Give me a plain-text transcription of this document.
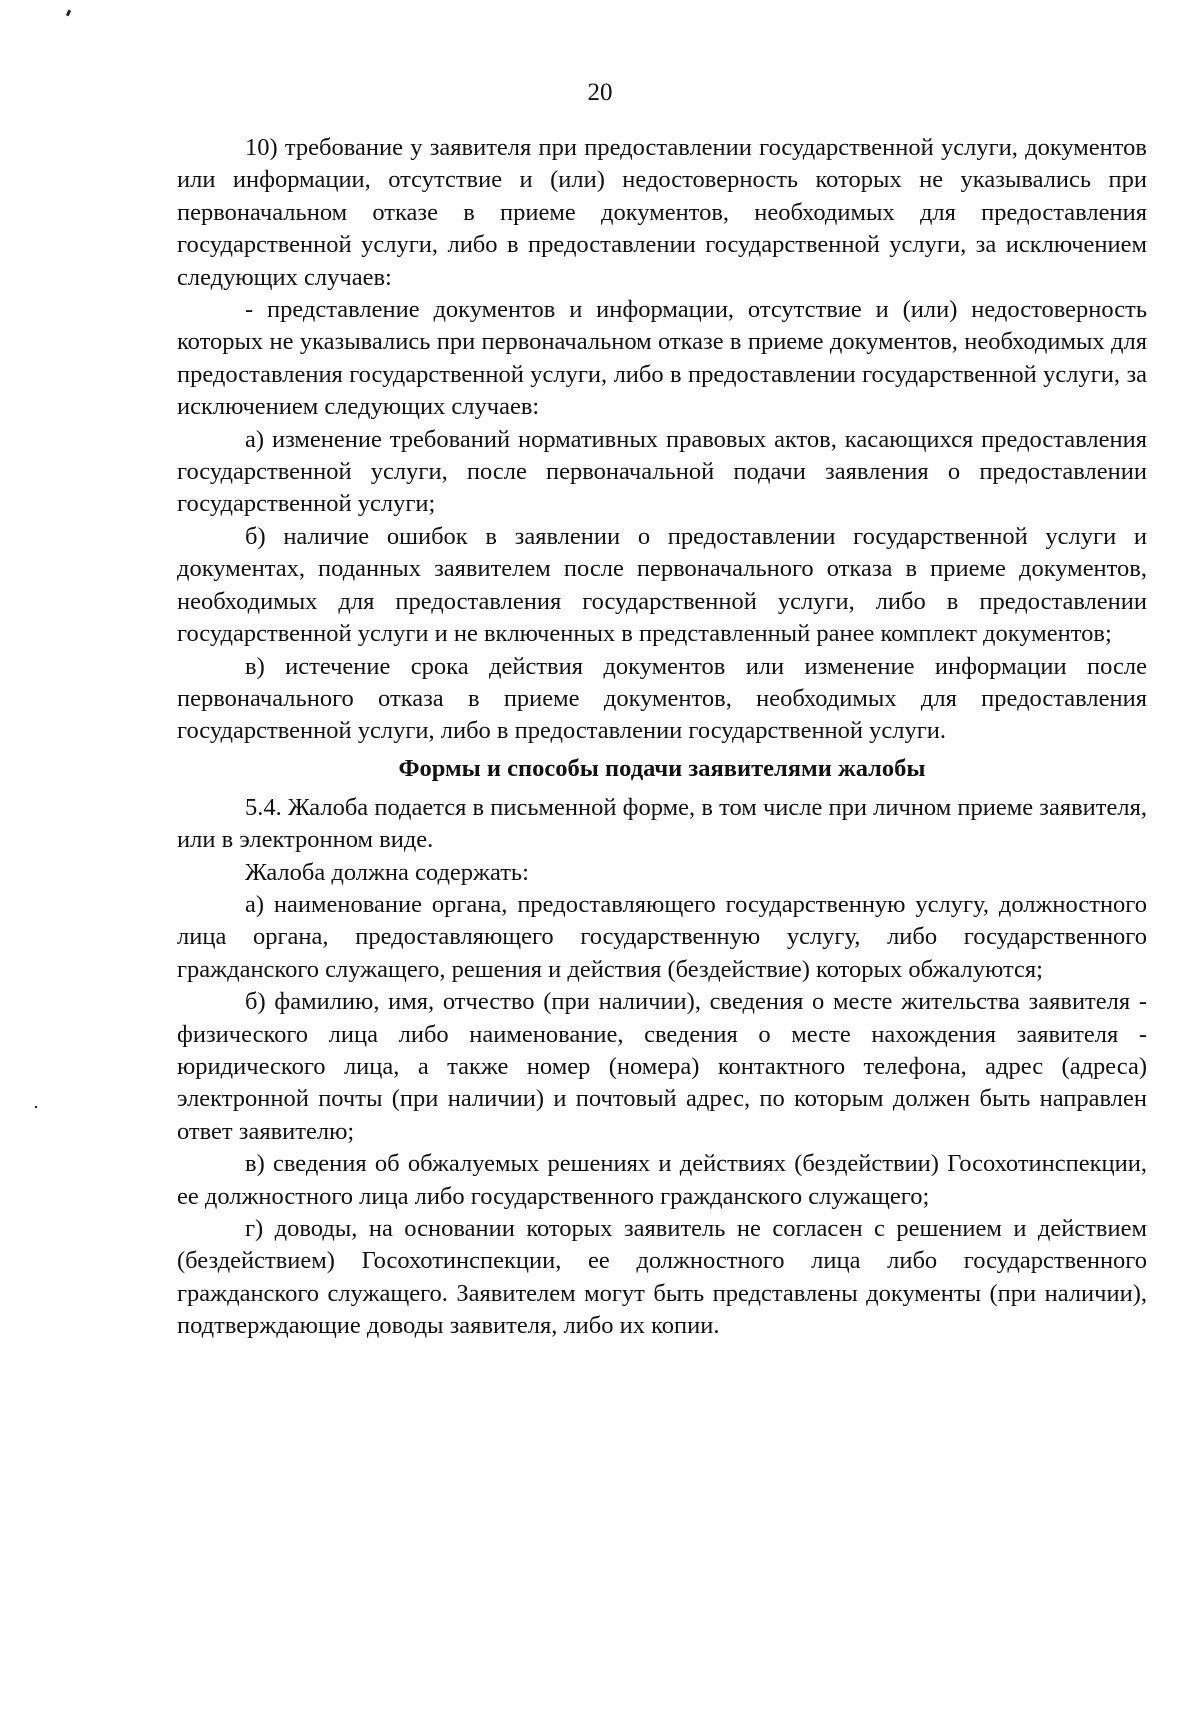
20

10) требование у заявителя при предоставлении государственной услуги, документов или информации, отсутствие и (или) недостоверность которых не указывались при первоначальном отказе в приеме документов, необходимых для предоставления государственной услуги, либо в предоставлении государственной услуги, за исключением следующих случаев:

- представление документов и информации, отсутствие и (или) недостоверность которых не указывались при первоначальном отказе в приеме документов, необходимых для предоставления государственной услуги, либо в предоставлении государственной услуги, за исключением следующих случаев:

а) изменение требований нормативных правовых актов, касающихся предоставления государственной услуги, после первоначальной подачи заявления о предоставлении государственной услуги;

б) наличие ошибок в заявлении о предоставлении государственной услуги и документах, поданных заявителем после первоначального отказа в приеме документов, необходимых для предоставления государственной услуги, либо в предоставлении государственной услуги и не включенных в представленный ранее комплект документов;

в) истечение срока действия документов или изменение информации после первоначального отказа в приеме документов, необходимых для предоставления государственной услуги, либо в предоставлении государственной услуги.

Формы и способы подачи заявителями жалобы

5.4. Жалоба подается в письменной форме, в том числе при личном приеме заявителя, или в электронном виде.

Жалоба должна содержать:

а) наименование органа, предоставляющего государственную услугу, должностного лица органа, предоставляющего государственную услугу, либо государственного гражданского служащего, решения и действия (бездействие) которых обжалуются;

б) фамилию, имя, отчество (при наличии), сведения о месте жительства заявителя - физического лица либо наименование, сведения о месте нахождения заявителя - юридического лица, а также номер (номера) контактного телефона, адрес (адреса) электронной почты (при наличии) и почтовый адрес, по которым должен быть направлен ответ заявителю;

в) сведения об обжалуемых решениях и действиях (бездействии) Госохотинспекции, ее должностного лица либо государственного гражданского служащего;

г) доводы, на основании которых заявитель не согласен с решением и действием (бездействием) Госохотинспекции, ее должностного лица либо государственного гражданского служащего. Заявителем могут быть представлены документы (при наличии), подтверждающие доводы заявителя, либо их копии.
